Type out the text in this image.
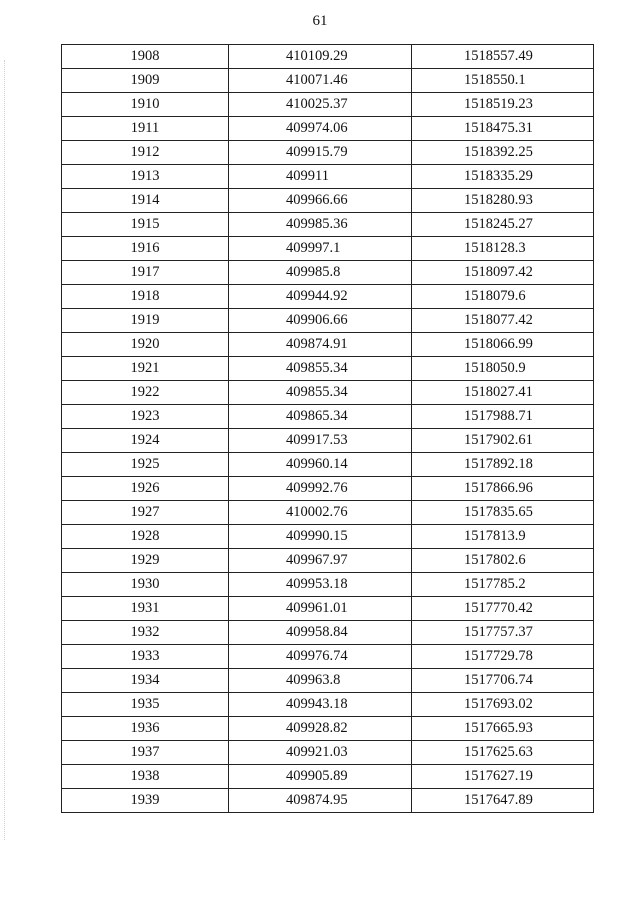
61
1908	410109.29	1518557.49
1909	410071.46	1518550.1
1910	410025.37	1518519.23
1911	409974.06	1518475.31
1912	409915.79	1518392.25
1913	409911	1518335.29
1914	409966.66	1518280.93
1915	409985.36	1518245.27
1916	409997.1	1518128.3
1917	409985.8	1518097.42
1918	409944.92	1518079.6
1919	409906.66	1518077.42
1920	409874.91	1518066.99
1921	409855.34	1518050.9
1922	409855.34	1518027.41
1923	409865.34	1517988.71
1924	409917.53	1517902.61
1925	409960.14	1517892.18
1926	409992.76	1517866.96
1927	410002.76	1517835.65
1928	409990.15	1517813.9
1929	409967.97	1517802.6
1930	409953.18	1517785.2
1931	409961.01	1517770.42
1932	409958.84	1517757.37
1933	409976.74	1517729.78
1934	409963.8	1517706.74
1935	409943.18	1517693.02
1936	409928.82	1517665.93
1937	409921.03	1517625.63
1938	409905.89	1517627.19
1939	409874.95	1517647.89
